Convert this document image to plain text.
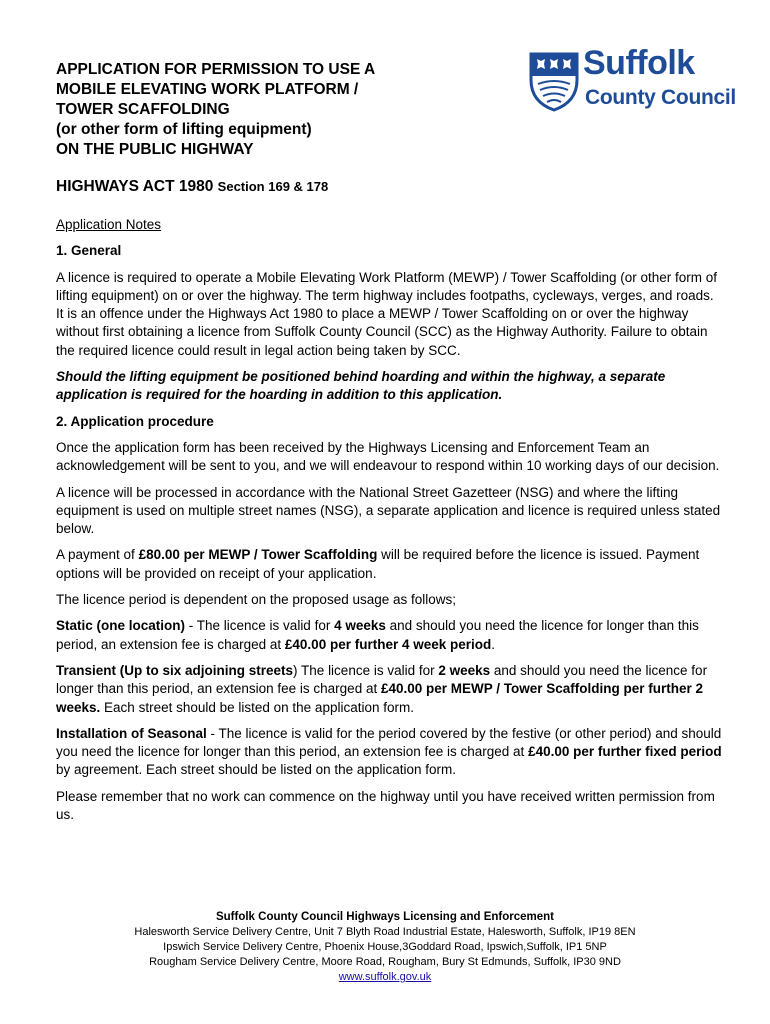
APPLICATION FOR PERMISSION TO USE A
MOBILE ELEVATING WORK PLATFORM /
TOWER SCAFFOLDING
(or other form of lifting equipment)
ON THE PUBLIC HIGHWAY
Suffolk
County Council
HIGHWAYS ACT 1980 Section 169 & 178

Application Notes

1. General

A licence is required to operate a Mobile Elevating Work Platform (MEWP) / Tower Scaffolding (or other form of lifting equipment) on or over the highway. The term highway includes footpaths, cycleways, verges, and roads. It is an offence under the Highways Act 1980 to place a MEWP / Tower Scaffolding on or over the highway without first obtaining a licence from Suffolk County Council (SCC) as the Highway Authority. Failure to obtain the required licence could result in legal action being taken by SCC.

Should the lifting equipment be positioned behind hoarding and within the highway, a separate application is required for the hoarding in addition to this application.

2. Application procedure

Once the application form has been received by the Highways Licensing and Enforcement Team an acknowledgement will be sent to you, and we will endeavour to respond within 10 working days of our decision.

A licence will be processed in accordance with the National Street Gazetteer (NSG) and where the lifting equipment is used on multiple street names (NSG), a separate application and licence is required unless stated below.

A payment of £80.00 per MEWP / Tower Scaffolding will be required before the licence is issued. Payment options will be provided on receipt of your application.

The licence period is dependent on the proposed usage as follows;

Static (one location) - The licence is valid for 4 weeks and should you need the licence for longer than this period, an extension fee is charged at £40.00 per further 4 week period.

Transient (Up to six adjoining streets) The licence is valid for 2 weeks and should you need the licence for longer than this period, an extension fee is charged at £40.00 per MEWP / Tower Scaffolding per further 2 weeks. Each street should be listed on the application form.

Installation of Seasonal - The licence is valid for the period covered by the festive (or other period) and should you need the licence for longer than this period, an extension fee is charged at £40.00 per further fixed period by agreement. Each street should be listed on the application form.

Please remember that no work can commence on the highway until you have received written permission from us.

Suffolk County Council Highways Licensing and Enforcement
Halesworth Service Delivery Centre, Unit 7 Blyth Road Industrial Estate, Halesworth, Suffolk, IP19 8EN
Ipswich Service Delivery Centre, Phoenix House,3Goddard Road, Ipswich,Suffolk, IP1 5NP
Rougham Service Delivery Centre, Moore Road, Rougham, Bury St Edmunds, Suffolk, IP30 9ND
www.suffolk.gov.uk
